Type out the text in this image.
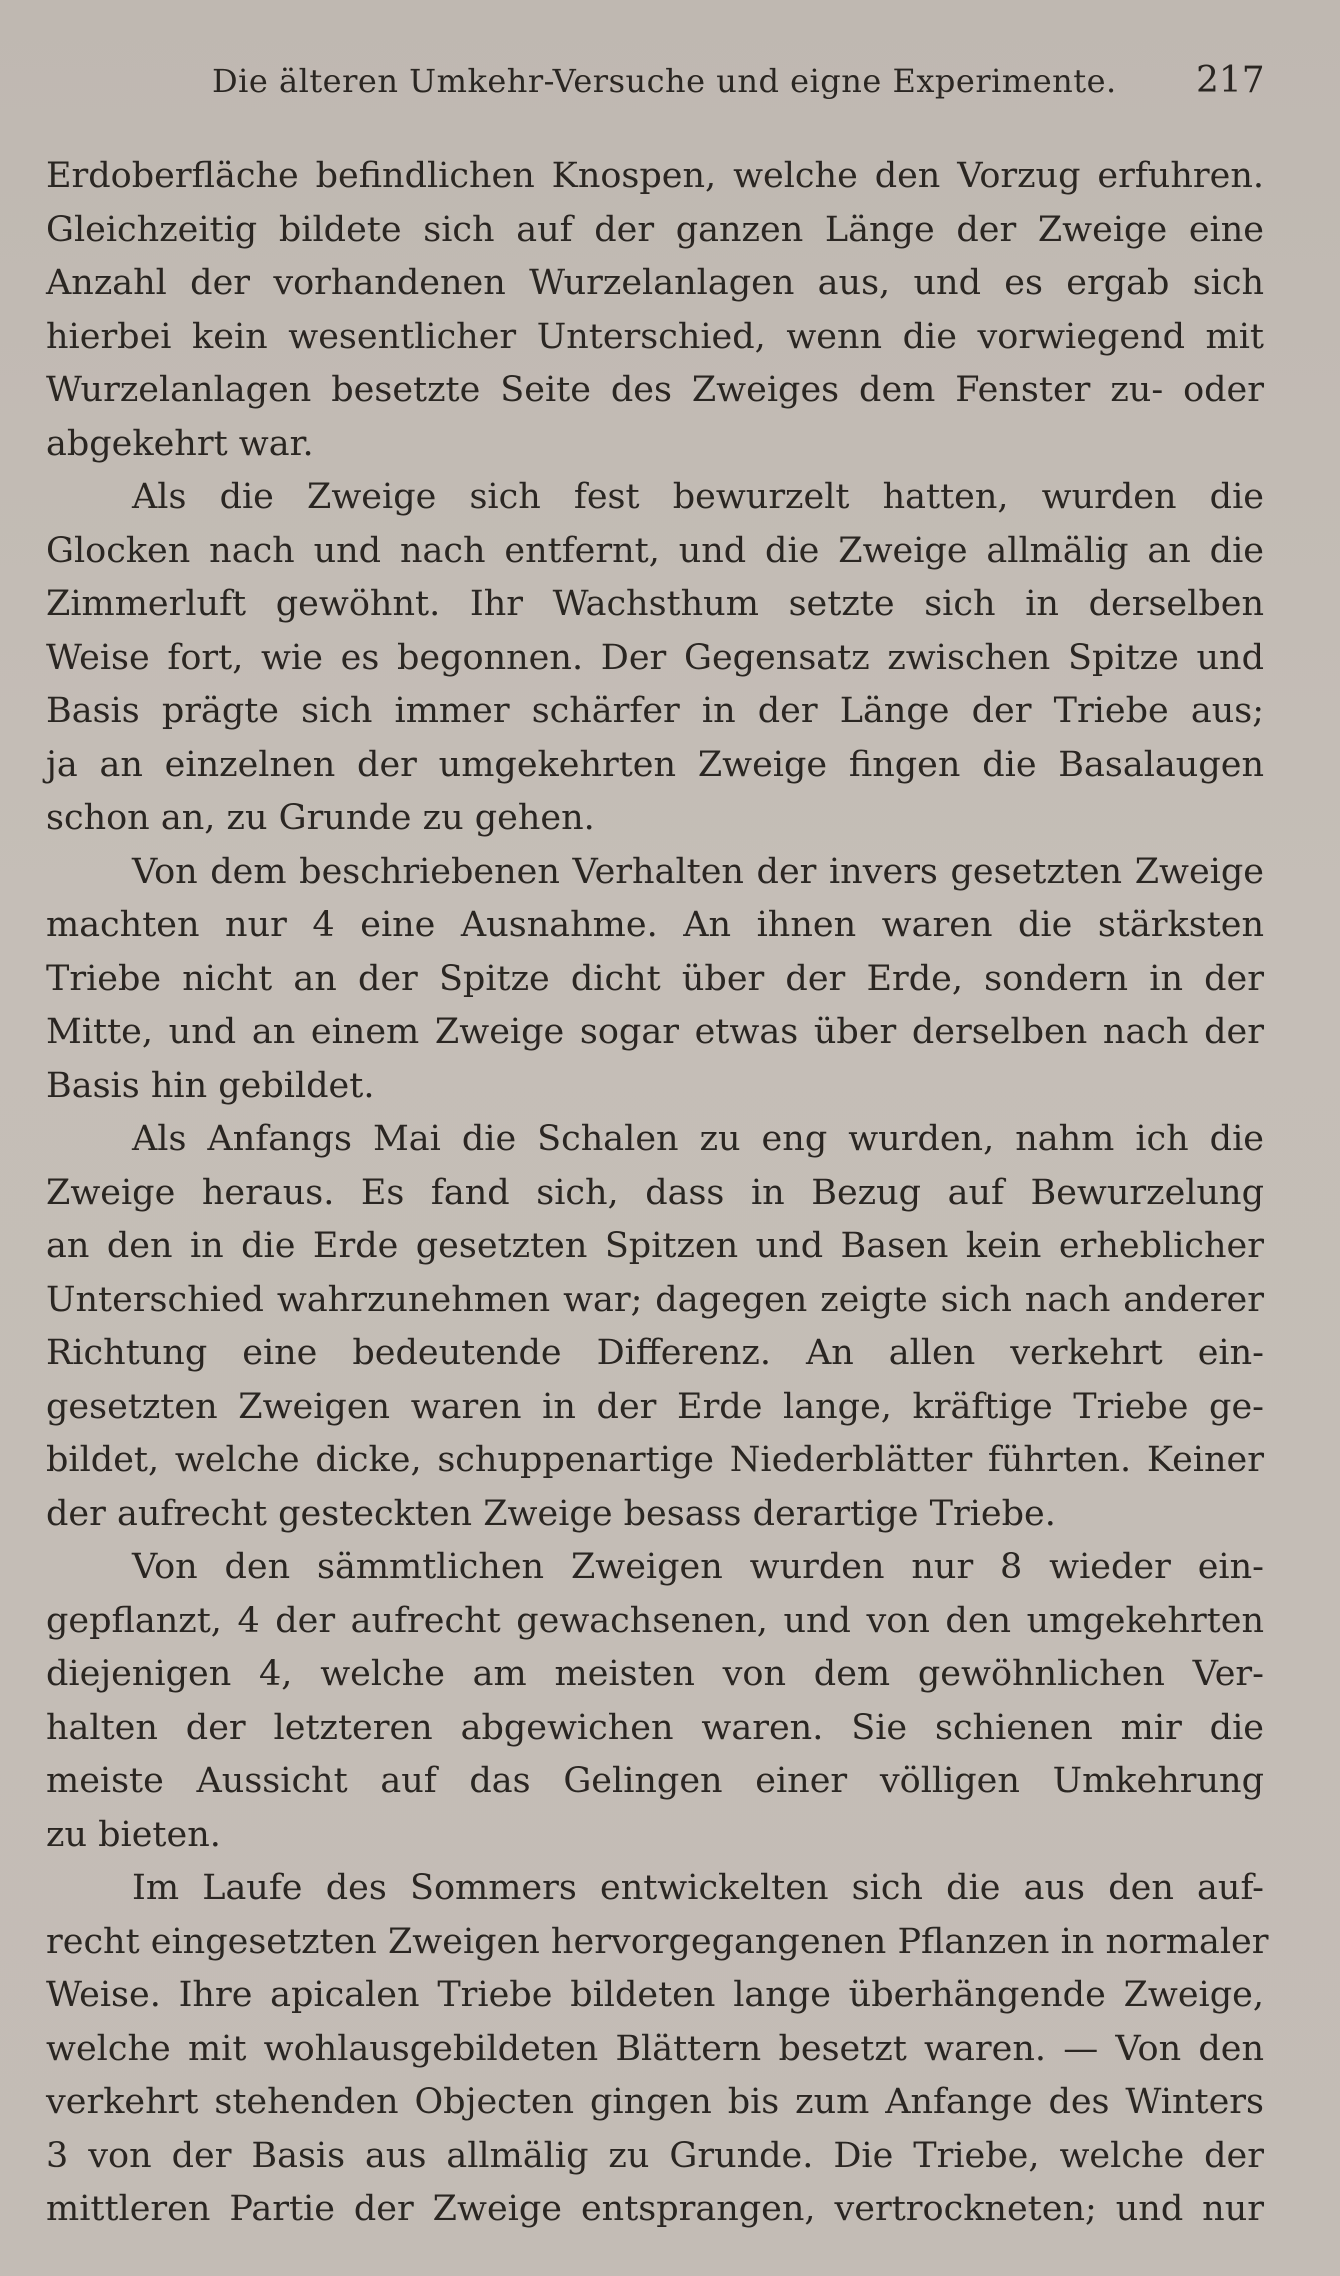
Die älteren Umkehr-Versuche und eigne Experimente. 217
Erdoberfläche befindlichen Knospen, welche den Vorzug erfuhren.
Gleichzeitig bildete sich auf der ganzen Länge der Zweige eine
Anzahl der vorhandenen Wurzelanlagen aus, und es ergab sich
hierbei kein wesentlicher Unterschied, wenn die vorwiegend mit
Wurzelanlagen besetzte Seite des Zweiges dem Fenster zu- oder
abgekehrt war.
Als die Zweige sich fest bewurzelt hatten, wurden die
Glocken nach und nach entfernt, und die Zweige allmälig an die
Zimmerluft gewöhnt. Ihr Wachsthum setzte sich in derselben
Weise fort, wie es begonnen. Der Gegensatz zwischen Spitze und
Basis prägte sich immer schärfer in der Länge der Triebe aus;
ja an einzelnen der umgekehrten Zweige fingen die Basalaugen
schon an, zu Grunde zu gehen.
Von dem beschriebenen Verhalten der invers gesetzten Zweige
machten nur 4 eine Ausnahme. An ihnen waren die stärksten
Triebe nicht an der Spitze dicht über der Erde, sondern in der
Mitte, und an einem Zweige sogar etwas über derselben nach der
Basis hin gebildet.
Als Anfangs Mai die Schalen zu eng wurden, nahm ich die
Zweige heraus. Es fand sich, dass in Bezug auf Bewurzelung
an den in die Erde gesetzten Spitzen und Basen kein erheblicher
Unterschied wahrzunehmen war; dagegen zeigte sich nach anderer
Richtung eine bedeutende Differenz. An allen verkehrt ein-
gesetzten Zweigen waren in der Erde lange, kräftige Triebe ge-
bildet, welche dicke, schuppenartige Niederblätter führten. Keiner
der aufrecht gesteckten Zweige besass derartige Triebe.
Von den sämmtlichen Zweigen wurden nur 8 wieder ein-
gepflanzt, 4 der aufrecht gewachsenen, und von den umgekehrten
diejenigen 4, welche am meisten von dem gewöhnlichen Ver-
halten der letzteren abgewichen waren. Sie schienen mir die
meiste Aussicht auf das Gelingen einer völligen Umkehrung
zu bieten.
Im Laufe des Sommers entwickelten sich die aus den auf-
recht eingesetzten Zweigen hervorgegangenen Pflanzen in normaler
Weise. Ihre apicalen Triebe bildeten lange überhängende Zweige,
welche mit wohlausgebildeten Blättern besetzt waren. — Von den
verkehrt stehenden Objecten gingen bis zum Anfange des Winters
3 von der Basis aus allmälig zu Grunde. Die Triebe, welche der
mittleren Partie der Zweige entsprangen, vertrockneten; und nur
